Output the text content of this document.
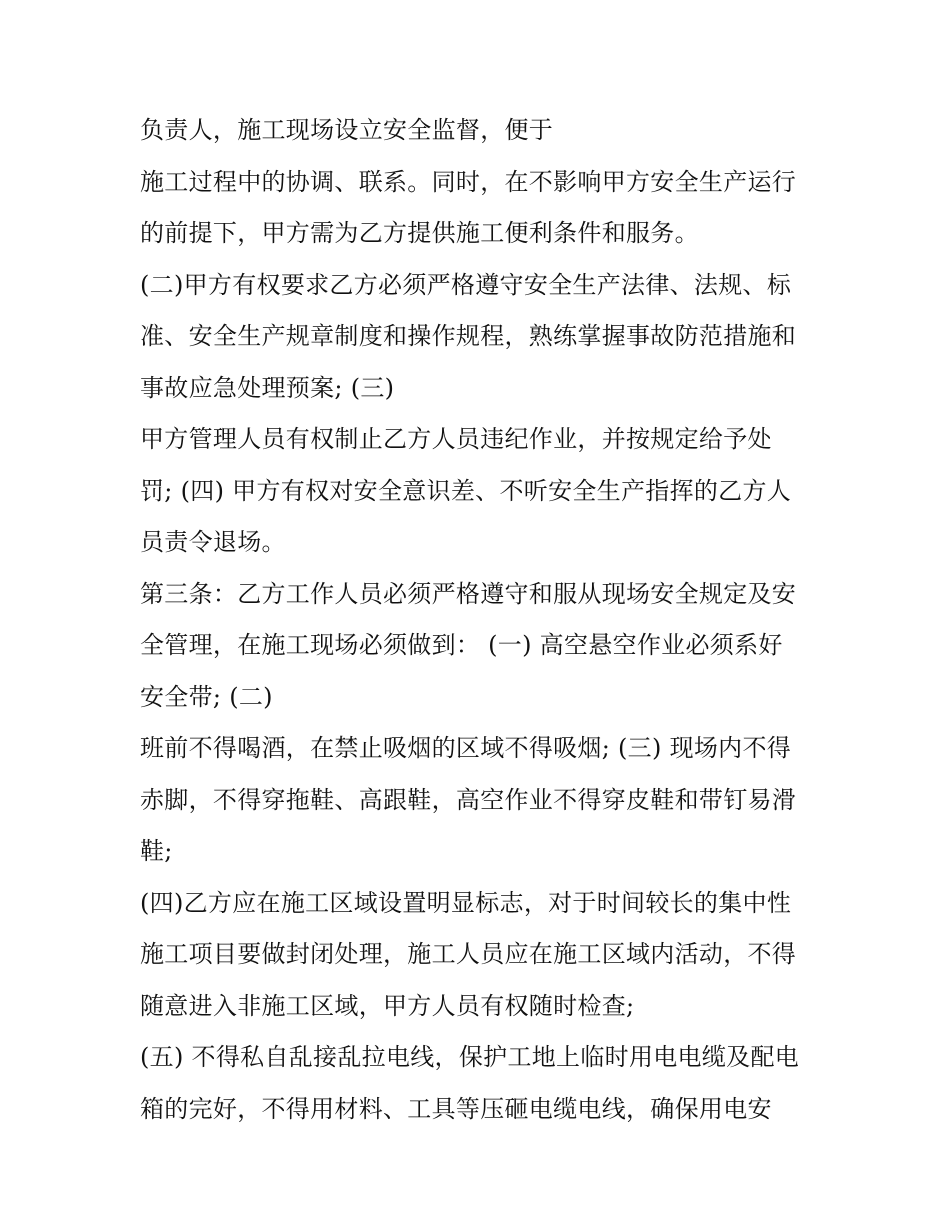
负责人，施工现场设立安全监督，便于
施工过程中的协调、联系。同时，在不影响甲方安全生产运行
的前提下，甲方需为乙方提供施工便利条件和服务。
(二)甲方有权要求乙方必须严格遵守安全生产法律、法规、标
准、安全生产规章制度和操作规程，熟练掌握事故防范措施和
事故应急处理预案; (三)
甲方管理人员有权制止乙方人员违纪作业，并按规定给予处
罚; (四) 甲方有权对安全意识差、不听安全生产指挥的乙方人
员责令退场。
第三条：乙方工作人员必须严格遵守和服从现场安全规定及安
全管理，在施工现场必须做到： (一) 高空悬空作业必须系好
安全带; (二)
班前不得喝酒，在禁止吸烟的区域不得吸烟; (三) 现场内不得
赤脚，不得穿拖鞋、高跟鞋，高空作业不得穿皮鞋和带钉易滑
鞋;
(四)乙方应在施工区域设置明显标志，对于时间较长的集中性
施工项目要做封闭处理，施工人员应在施工区域内活动，不得
随意进入非施工区域，甲方人员有权随时检查;
(五) 不得私自乱接乱拉电线，保护工地上临时用电电缆及配电
箱的完好，不得用材料、工具等压砸电缆电线，确保用电安
